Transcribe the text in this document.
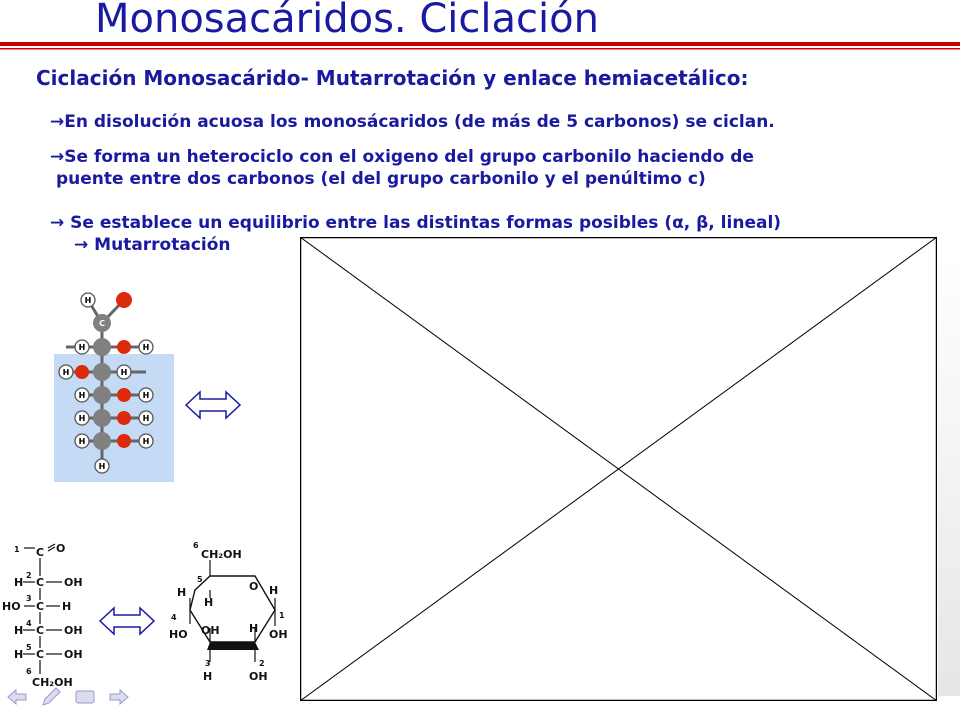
Monosacáridos. Ciclación
Ciclación Monosacárido- Mutarrotación y enlace hemiacetálico:
→En disolución acuosa los monosácaridos (de más de 5 carbonos) se ciclan.
→Se forma un heterociclo con el oxigeno del grupo carbonilo haciendo de
puente entre dos carbonos (el del grupo carbonilo y el penúltimo c)
→ Se establece un equilibrio entre las distintas formas posibles (α, β, lineal)
→ Mutarrotación
H
C
H	H
H	H
H	H
H	H
H	H
H
1 C O
2
C OH
H
3
C
HO	H
4
C OH
H
5
C OH
H
6
CH₂OH
6
CH₂OH
5
O
H
H
4
HO OH	H
H
1
OH
3
H
2
OH
